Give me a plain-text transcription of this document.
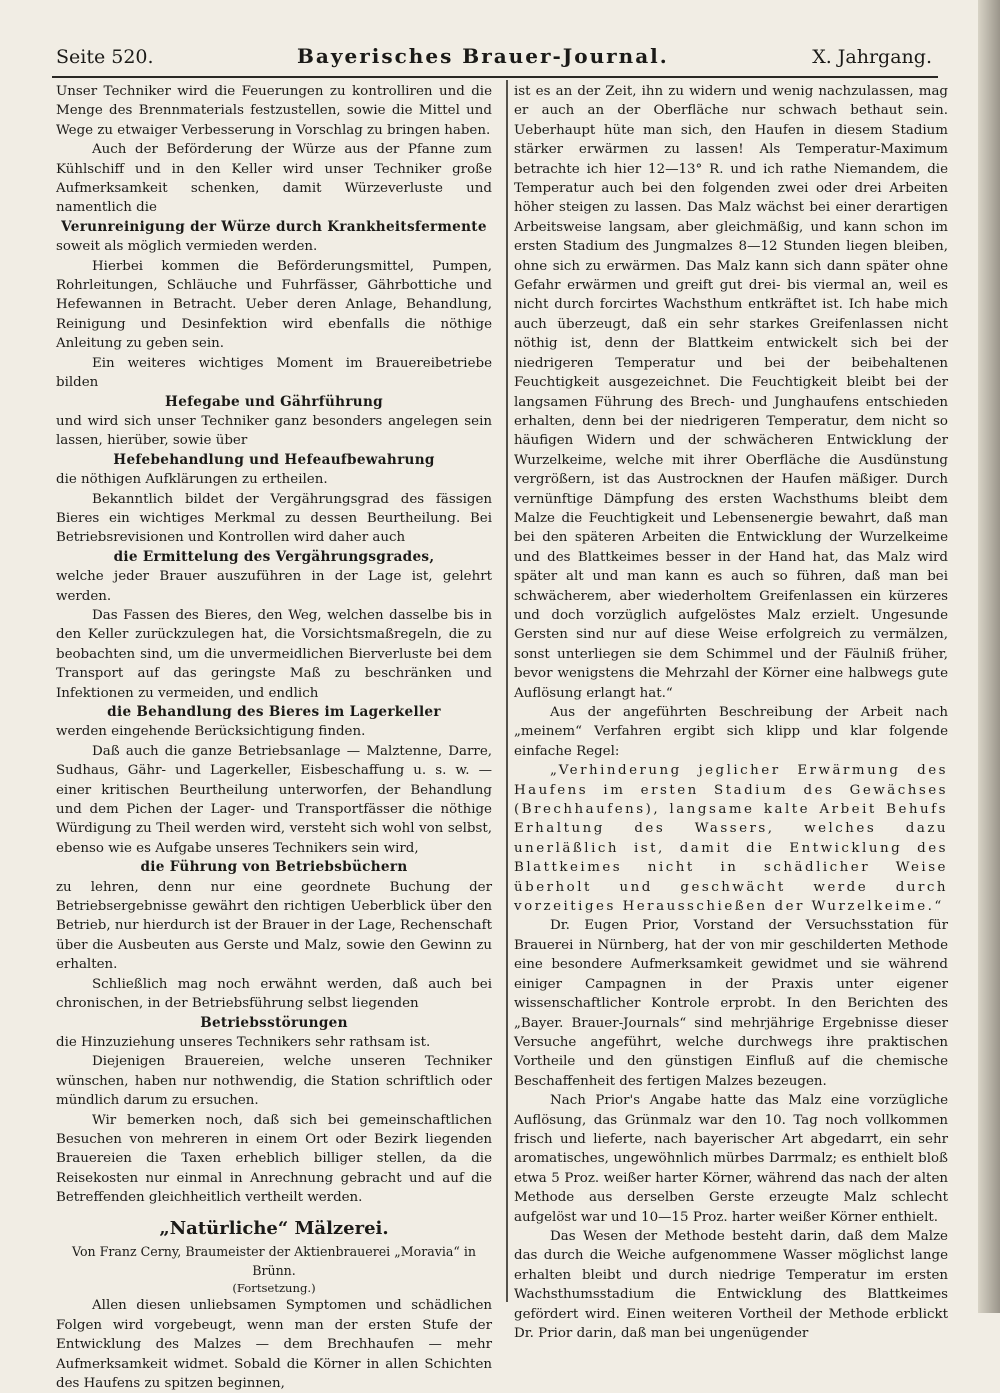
Seite 520.	Bayerisches Brauer-Journal.	X. Jahrgang.

Unser Techniker wird die Feuerungen zu kontrolliren und die Menge des Brennmaterials festzustellen, sowie die Mittel und Wege zu etwaiger Verbesserung in Vorschlag zu bringen haben.

Auch der Beförderung der Würze aus der Pfanne zum Kühlschiff und in den Keller wird unser Techniker große Aufmerksamkeit schenken, damit Würzeverluste und namentlich die

Verunreinigung der Würze durch Krankheitsfermente

soweit als möglich vermieden werden.

Hierbei kommen die Beförderungsmittel, Pumpen, Rohrleitungen, Schläuche und Fuhrfässer, Gährbottiche und Hefewannen in Betracht. Ueber deren Anlage, Behandlung, Reinigung und Desinfektion wird ebenfalls die nöthige Anleitung zu geben sein.

Ein weiteres wichtiges Moment im Brauereibetriebe bilden

Hefegabe und Gährführung

und wird sich unser Techniker ganz besonders angelegen sein lassen, hierüber, sowie über

Hefebehandlung und Hefeaufbewahrung

die nöthigen Aufklärungen zu ertheilen.

Bekanntlich bildet der Vergährungsgrad des fässigen Bieres ein wichtiges Merkmal zu dessen Beurtheilung. Bei Betriebsrevisionen und Kontrollen wird daher auch

die Ermittelung des Vergährungsgrades,

welche jeder Brauer auszuführen in der Lage ist, gelehrt werden.

Das Fassen des Bieres, den Weg, welchen dasselbe bis in den Keller zurückzulegen hat, die Vorsichtsmaßregeln, die zu beobachten sind, um die unvermeidlichen Bierverluste bei dem Transport auf das geringste Maß zu beschränken und Infektionen zu vermeiden, und endlich

die Behandlung des Bieres im Lagerkeller

werden eingehende Berücksichtigung finden.

Daß auch die ganze Betriebsanlage — Malztenne, Darre, Sudhaus, Gähr- und Lagerkeller, Eisbeschaffung u. s. w. — einer kritischen Beurtheilung unterworfen, der Behandlung und dem Pichen der Lager- und Transportfässer die nöthige Würdigung zu Theil werden wird, versteht sich wohl von selbst, ebenso wie es Aufgabe unseres Technikers sein wird,

die Führung von Betriebsbüchern

zu lehren, denn nur eine geordnete Buchung der Betriebsergebnisse gewährt den richtigen Ueberblick über den Betrieb, nur hierdurch ist der Brauer in der Lage, Rechenschaft über die Ausbeuten aus Gerste und Malz, sowie den Gewinn zu erhalten.

Schließlich mag noch erwähnt werden, daß auch bei chronischen, in der Betriebsführung selbst liegenden

Betriebsstörungen

die Hinzuziehung unseres Technikers sehr rathsam ist.

Diejenigen Brauereien, welche unseren Techniker wünschen, haben nur nothwendig, die Station schriftlich oder mündlich darum zu ersuchen.

Wir bemerken noch, daß sich bei gemeinschaftlichen Besuchen von mehreren in einem Ort oder Bezirk liegenden Brauereien die Taxen erheblich billiger stellen, da die Reisekosten nur einmal in Anrechnung gebracht und auf die Betreffenden gleichheitlich vertheilt werden.

„Natürliche“ Mälzerei.

Von Franz Cerny, Braumeister der Aktienbrauerei „Moravia“ in Brünn.

(Fortsetzung.)

Allen diesen unliebsamen Symptomen und schädlichen Folgen wird vorgebeugt, wenn man der ersten Stufe der Entwicklung des Malzes — dem Brechhaufen — mehr Aufmerksamkeit widmet. Sobald die Körner in allen Schichten des Haufens zu spitzen beginnen,

ist es an der Zeit, ihn zu widern und wenig nachzulassen, mag er auch an der Oberfläche nur schwach bethaut sein. Ueberhaupt hüte man sich, den Haufen in diesem Stadium stärker erwärmen zu lassen! Als Temperatur-Maximum betrachte ich hier 12—13° R. und ich rathe Niemandem, die Temperatur auch bei den folgenden zwei oder drei Arbeiten höher steigen zu lassen. Das Malz wächst bei einer derartigen Arbeitsweise langsam, aber gleichmäßig, und kann schon im ersten Stadium des Jungmalzes 8—12 Stunden liegen bleiben, ohne sich zu erwärmen. Das Malz kann sich dann später ohne Gefahr erwärmen und greift gut drei- bis viermal an, weil es nicht durch forcirtes Wachsthum entkräftet ist. Ich habe mich auch überzeugt, daß ein sehr starkes Greifenlassen nicht nöthig ist, denn der Blattkeim entwickelt sich bei der niedrigeren Temperatur und bei der beibehaltenen Feuchtigkeit ausgezeichnet. Die Feuchtigkeit bleibt bei der langsamen Führung des Brech- und Junghaufens entschieden erhalten, denn bei der niedrigeren Temperatur, dem nicht so häufigen Widern und der schwächeren Entwicklung der Wurzelkeime, welche mit ihrer Oberfläche die Ausdünstung vergrößern, ist das Austrocknen der Haufen mäßiger. Durch vernünftige Dämpfung des ersten Wachsthums bleibt dem Malze die Feuchtigkeit und Lebensenergie bewahrt, daß man bei den späteren Arbeiten die Entwicklung der Wurzelkeime und des Blattkeimes besser in der Hand hat, das Malz wird später alt und man kann es auch so führen, daß man bei schwächerem, aber wiederholtem Greifenlassen ein kürzeres und doch vorzüglich aufgelöstes Malz erzielt. Ungesunde Gersten sind nur auf diese Weise erfolgreich zu vermälzen, sonst unterliegen sie dem Schimmel und der Fäulniß früher, bevor wenigstens die Mehrzahl der Körner eine halbwegs gute Auflösung erlangt hat.“

Aus der angeführten Beschreibung der Arbeit nach „meinem“ Verfahren ergibt sich klipp und klar folgende einfache Regel:

„Verhinderung jeglicher Erwärmung des Haufens im ersten Stadium des Gewächses (Brechhaufens), langsame kalte Arbeit Behufs Erhaltung des Wassers, welches dazu unerläßlich ist, damit die Entwicklung des Blattkeimes nicht in schädlicher Weise überholt und geschwächt werde durch vorzeitiges Herausschießen der Wurzelkeime.“

Dr. Eugen Prior, Vorstand der Versuchsstation für Brauerei in Nürnberg, hat der von mir geschilderten Methode eine besondere Aufmerksamkeit gewidmet und sie während einiger Campagnen in der Praxis unter eigener wissenschaftlicher Kontrole erprobt. In den Berichten des „Bayer. Brauer-Journals“ sind mehrjährige Ergebnisse dieser Versuche angeführt, welche durchwegs ihre praktischen Vortheile und den günstigen Einfluß auf die chemische Beschaffenheit des fertigen Malzes bezeugen.

Nach Prior's Angabe hatte das Malz eine vorzügliche Auflösung, das Grünmalz war den 10. Tag noch vollkommen frisch und lieferte, nach bayerischer Art abgedarrt, ein sehr aromatisches, ungewöhnlich mürbes Darrmalz; es enthielt bloß etwa 5 Proz. weißer harter Körner, während das nach der alten Methode aus derselben Gerste erzeugte Malz schlecht aufgelöst war und 10—15 Proz. harter weißer Körner enthielt.

Das Wesen der Methode besteht darin, daß dem Malze das durch die Weiche aufgenommene Wasser möglichst lange erhalten bleibt und durch niedrige Temperatur im ersten Wachsthumsstadium die Entwicklung des Blattkeimes gefördert wird. Einen weiteren Vortheil der Methode erblickt Dr. Prior darin, daß man bei ungenügender
